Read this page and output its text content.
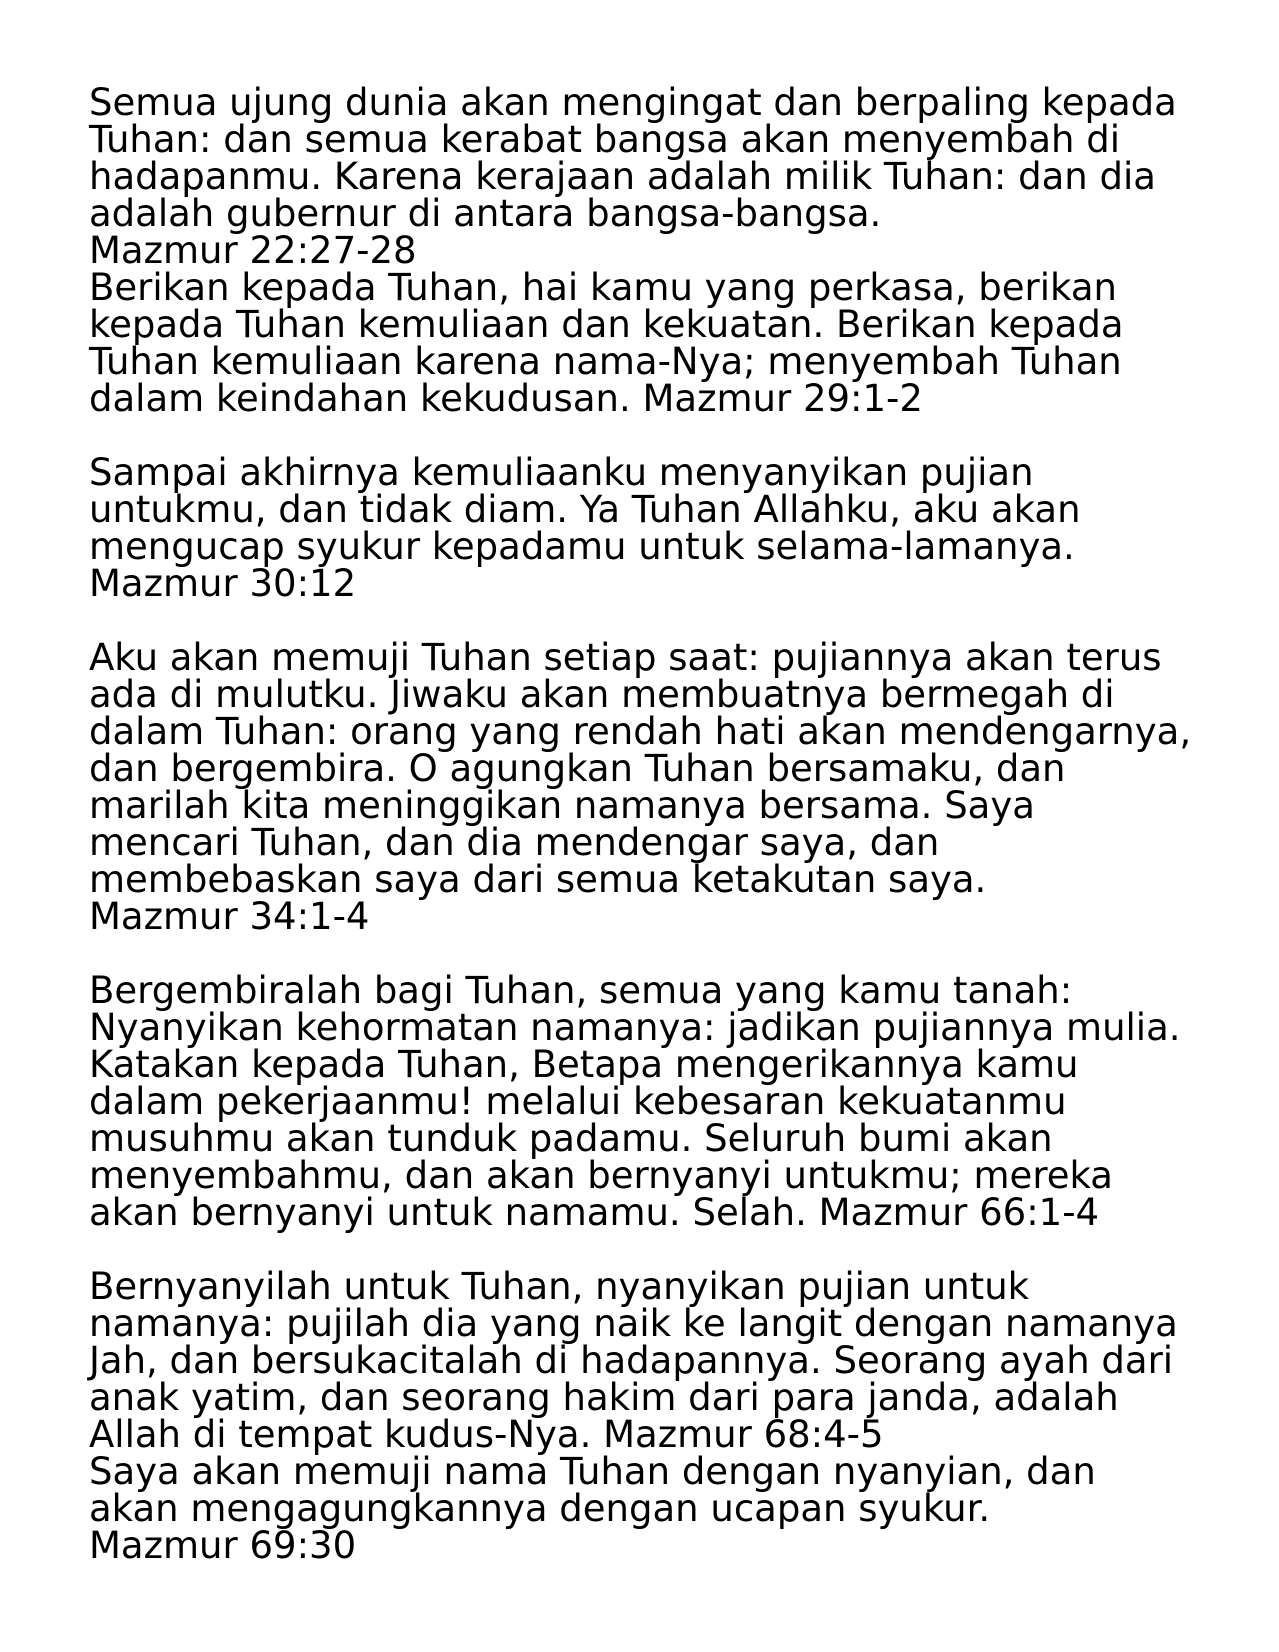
Semua ujung dunia akan mengingat dan berpaling kepada
Tuhan: dan semua kerabat bangsa akan menyembah di
hadapanmu. Karena kerajaan adalah milik Tuhan: dan dia
adalah gubernur di antara bangsa-bangsa.
Mazmur 22:27-28
Berikan kepada Tuhan, hai kamu yang perkasa, berikan
kepada Tuhan kemuliaan dan kekuatan. Berikan kepada
Tuhan kemuliaan karena nama-Nya; menyembah Tuhan
dalam keindahan kekudusan. Mazmur 29:1-2
Sampai akhirnya kemuliaanku menyanyikan pujian
untukmu, dan tidak diam. Ya Tuhan Allahku, aku akan
mengucap syukur kepadamu untuk selama-lamanya.
Mazmur 30:12
Aku akan memuji Tuhan setiap saat: pujiannya akan terus
ada di mulutku. Jiwaku akan membuatnya bermegah di
dalam Tuhan: orang yang rendah hati akan mendengarnya,
dan bergembira. O agungkan Tuhan bersamaku, dan
marilah kita meninggikan namanya bersama. Saya
mencari Tuhan, dan dia mendengar saya, dan
membebaskan saya dari semua ketakutan saya.
Mazmur 34:1-4
Bergembiralah bagi Tuhan, semua yang kamu tanah:
Nyanyikan kehormatan namanya: jadikan pujiannya mulia.
Katakan kepada Tuhan, Betapa mengerikannya kamu
dalam pekerjaanmu! melalui kebesaran kekuatanmu
musuhmu akan tunduk padamu. Seluruh bumi akan
menyembahmu, dan akan bernyanyi untukmu; mereka
akan bernyanyi untuk namamu. Selah. Mazmur 66:1-4
Bernyanyilah untuk Tuhan, nyanyikan pujian untuk
namanya: pujilah dia yang naik ke langit dengan namanya
Jah, dan bersukacitalah di hadapannya. Seorang ayah dari
anak yatim, dan seorang hakim dari para janda, adalah
Allah di tempat kudus-Nya. Mazmur 68:4-5
Saya akan memuji nama Tuhan dengan nyanyian, dan
akan mengagungkannya dengan ucapan syukur.
Mazmur 69:30
